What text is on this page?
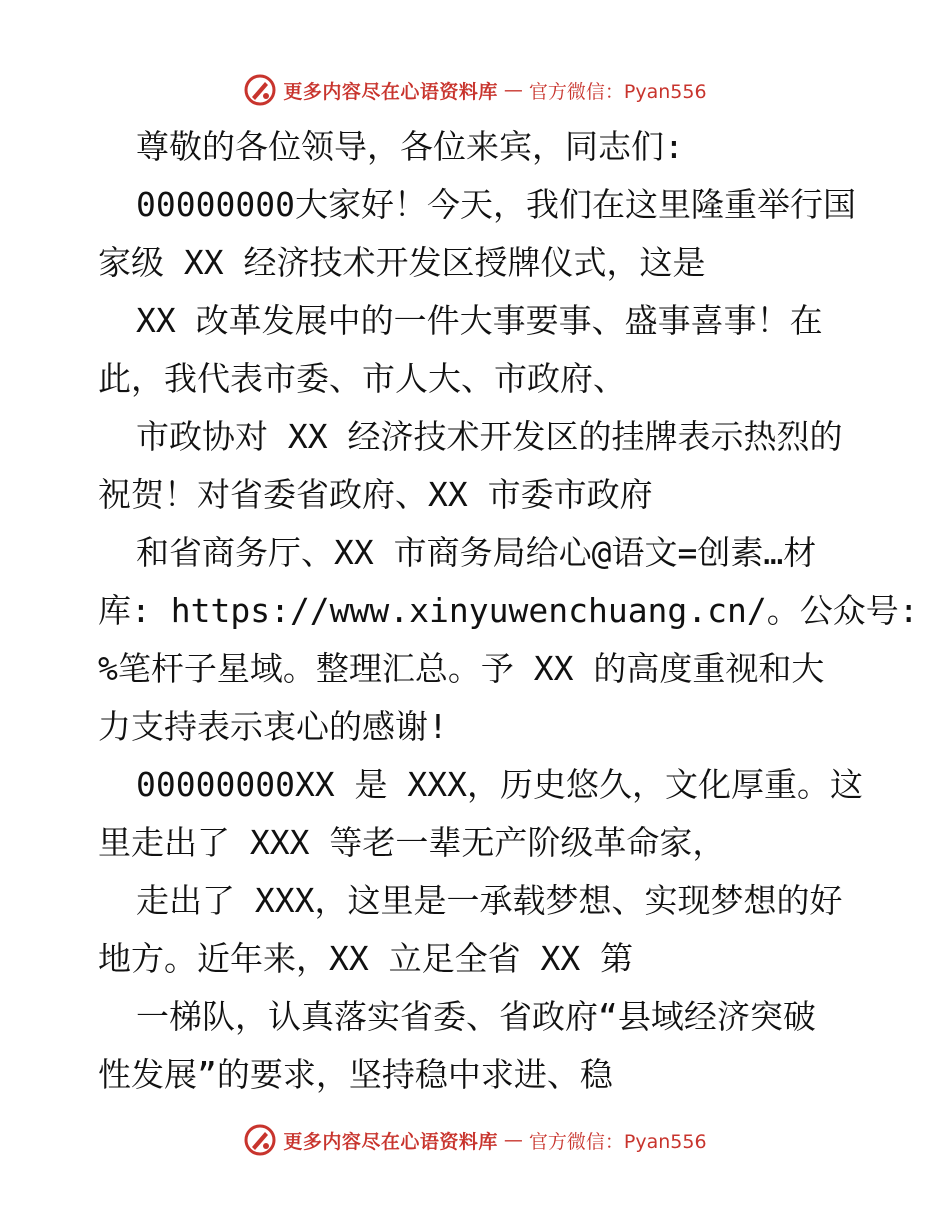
更多内容尽在心语资料库 — 官方微信：Pyan556
尊敬的各位领导，各位来宾，同志们:
00000000大家好！今天，我们在这里隆重举行国
家级 XX 经济技术开发区授牌仪式，这是
XX 改革发展中的一件大事要事、盛事喜事！在
此，我代表市委、市人大、市政府、
市政协对 XX 经济技术开发区的挂牌表示热烈的
祝贺！对省委省政府、XX 市委市政府
和省商务厅、XX 市商务局给心@语文=创素…材
库: https://www.xinyuwenchuang.cn/。公众号:
%笔杆子星域。整理汇总。予 XX 的高度重视和大
力支持表示衷心的感谢!
00000000XX 是 XXX，历史悠久，文化厚重。这
里走出了 XXX 等老一辈无产阶级革命家，
走出了 XXX，这里是一承载梦想、实现梦想的好
地方。近年来，XX 立足全省 XX 第
一梯队，认真落实省委、省政府“县域经济突破
性发展”的要求，坚持稳中求进、稳
更多内容尽在心语资料库 — 官方微信：Pyan556
